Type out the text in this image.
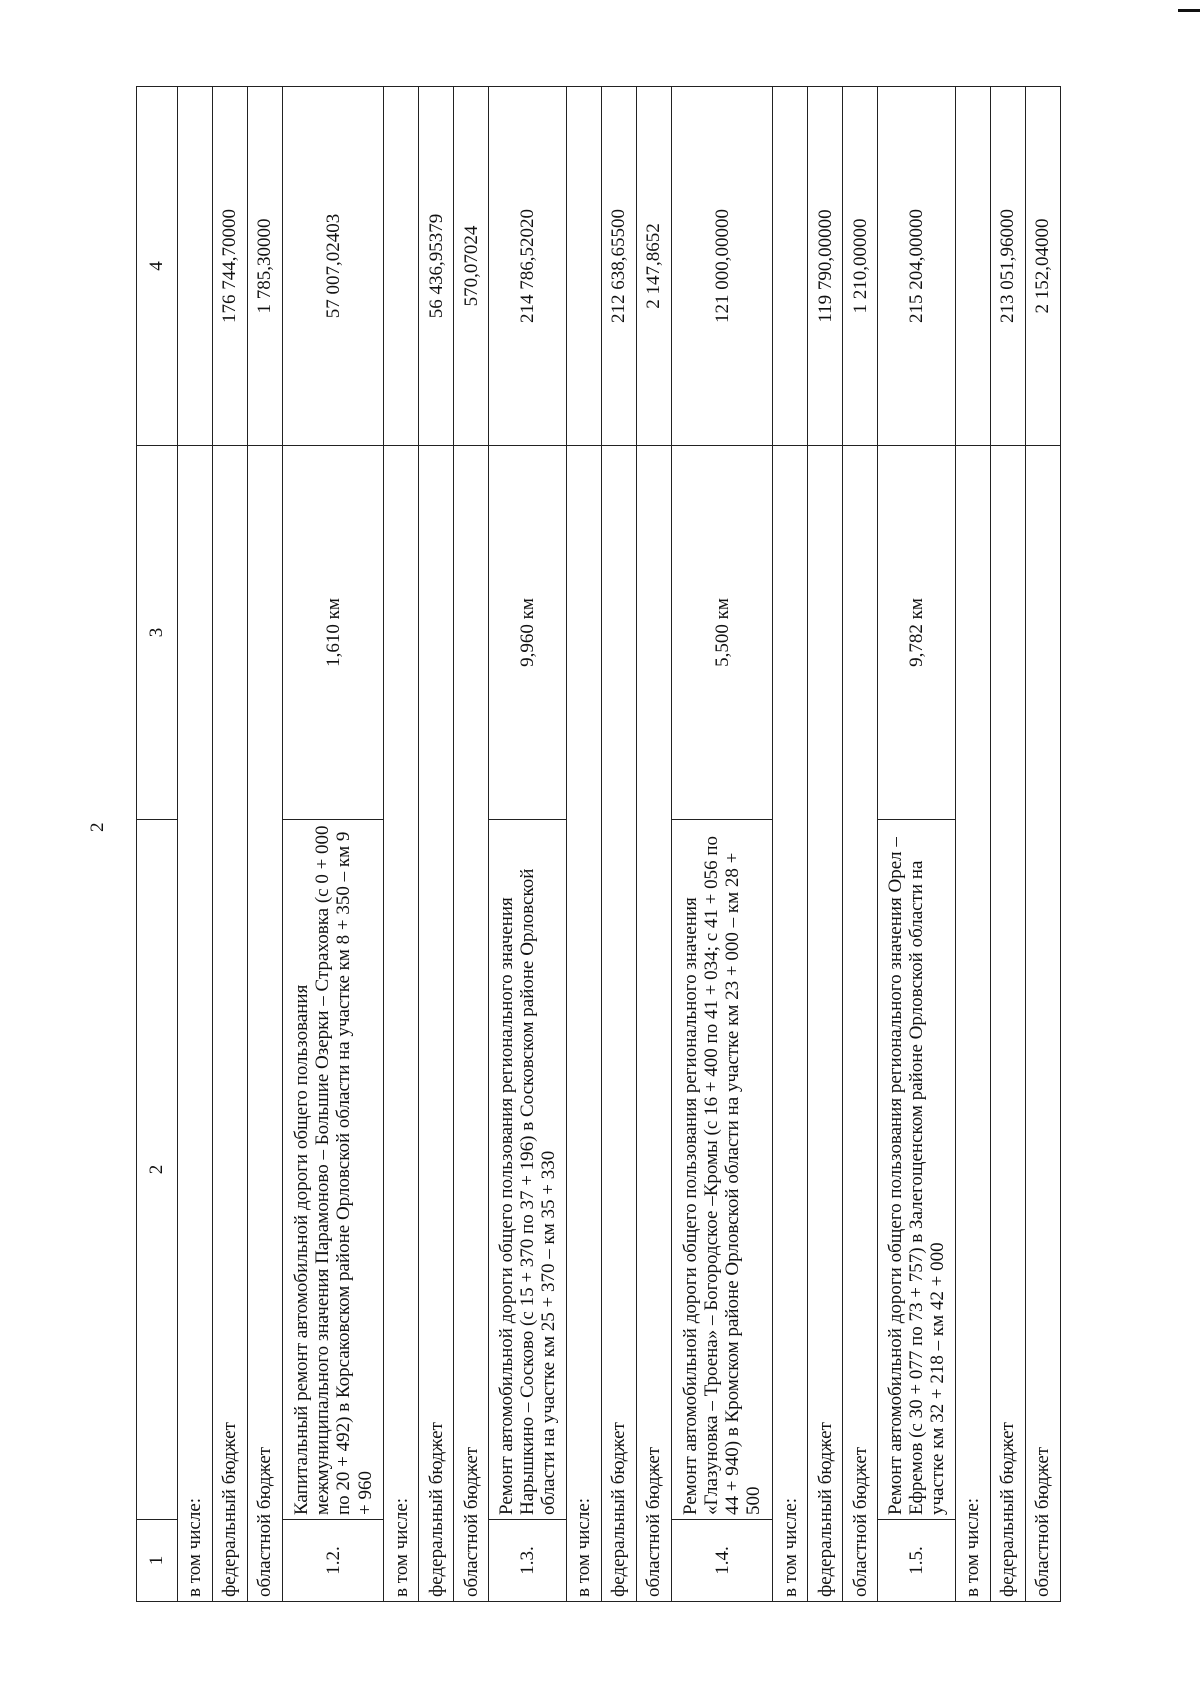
2
1	2	3	4
в том числе:			
федеральный бюджет			176 744,70000
областной бюджет			1 785,30000
1.2.	Капитальный ремонт автомобильной дороги общего пользования межмуниципального значения Парамоново – Большие Озерки – Страховка (с 0 + 000 по 20 + 492) в Корсаковском районе Орловской области на участке км 8 + 350 – км 9 + 960	1,610 км	57 007,02403
в том числе:			
федеральный бюджет			56 436,95379
областной бюджет			570,07024
1.3.	Ремонт автомобильной дороги общего пользования регионального значения Нарышкино – Сосково (с 15 + 370 по 37 + 196) в Сосковском районе Орловской области на участке км 25 + 370 – км 35 + 330	9,960 км	214 786,52020
в том числе:			
федеральный бюджет			212 638,65500
областной бюджет			2 147,8652
1.4.	Ремонт автомобильной дороги общего пользования регионального значения «Глазуновка – Троена» – Богородское –Кромы (с 16 + 400 по 41 + 034; с 41 + 056 по 44 + 940) в Кромском районе Орловской области на участке км 23 + 000 – км 28 + 500	5,500 км	121 000,00000
в том числе:			
федеральный бюджет			119 790,00000
областной бюджет			1 210,00000
1.5.	Ремонт автомобильной дороги общего пользования регионального значения Орел – Ефремов (с 30 + 077 по 73 + 757) в Залегощенском районе Орловской области на участке км 32 + 218 – км 42 + 000	9,782 км	215 204,00000
в том числе:			
федеральный бюджет			213 051,96000
областной бюджет			2 152,04000
